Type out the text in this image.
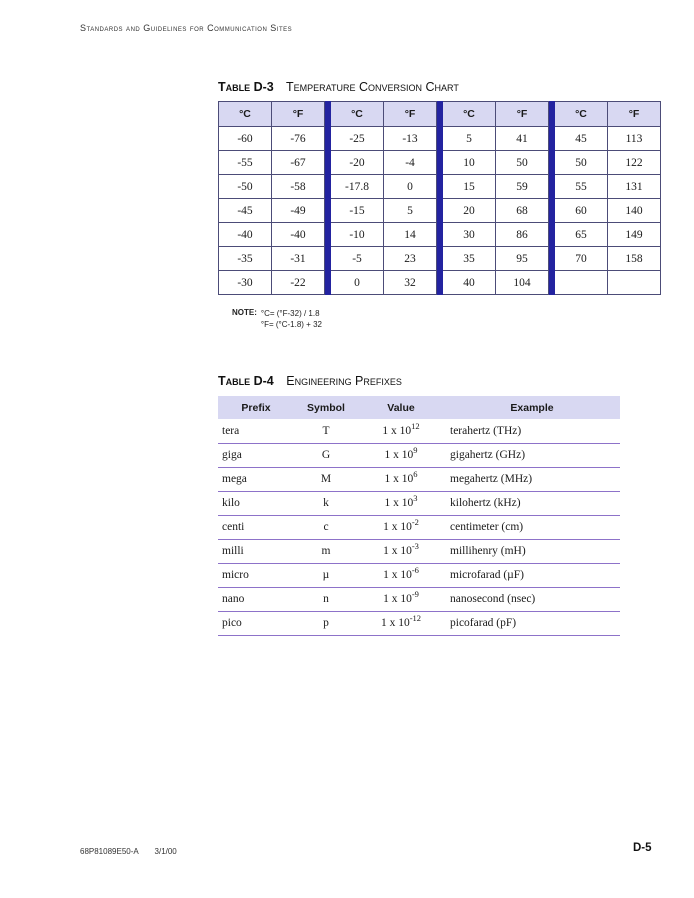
Standards and Guidelines for Communication Sites
Table D-3 Temperature Conversion Chart
°C	°F		°C	°F		°C	°F		°C	°F
-60	-76		-25	-13		5	41		45	113
-55	-67		-20	-4		10	50		50	122
-50	-58		-17.8	0		15	59		55	131
-45	-49		-15	5		20	68		60	140
-40	-40		-10	14		30	86		65	149
-35	-31		-5	23		35	95		70	158
-30	-22		0	32		40	104			
NOTE: °C= (°F-32) / 1.8
°F= (°C-1.8) + 32
Table D-4 Engineering Prefixes
Prefix	Symbol	Value	Example
tera	T	1 x $10^{12}$	terahertz (THz)
giga	G	1 x $10^9$	gigahertz (GHz)
mega	M	1 x $10^6$	megahertz (MHz)
kilo	k	1 x $10^3$	kilohertz (kHz)
centi	c	1 x $10^{-2}$	centimeter (cm)
milli	m	1 x $10^{-3}$	millihenry (mH)
micro	µ	1 x $10^{-6}$	microfarad (µF)
nano	n	1 x $10^{-9}$	nanosecond (nsec)
pico	p	1 x $10^{-12}$	picofarad (pF)
68P81089E50-A 3/1/00	D-5
